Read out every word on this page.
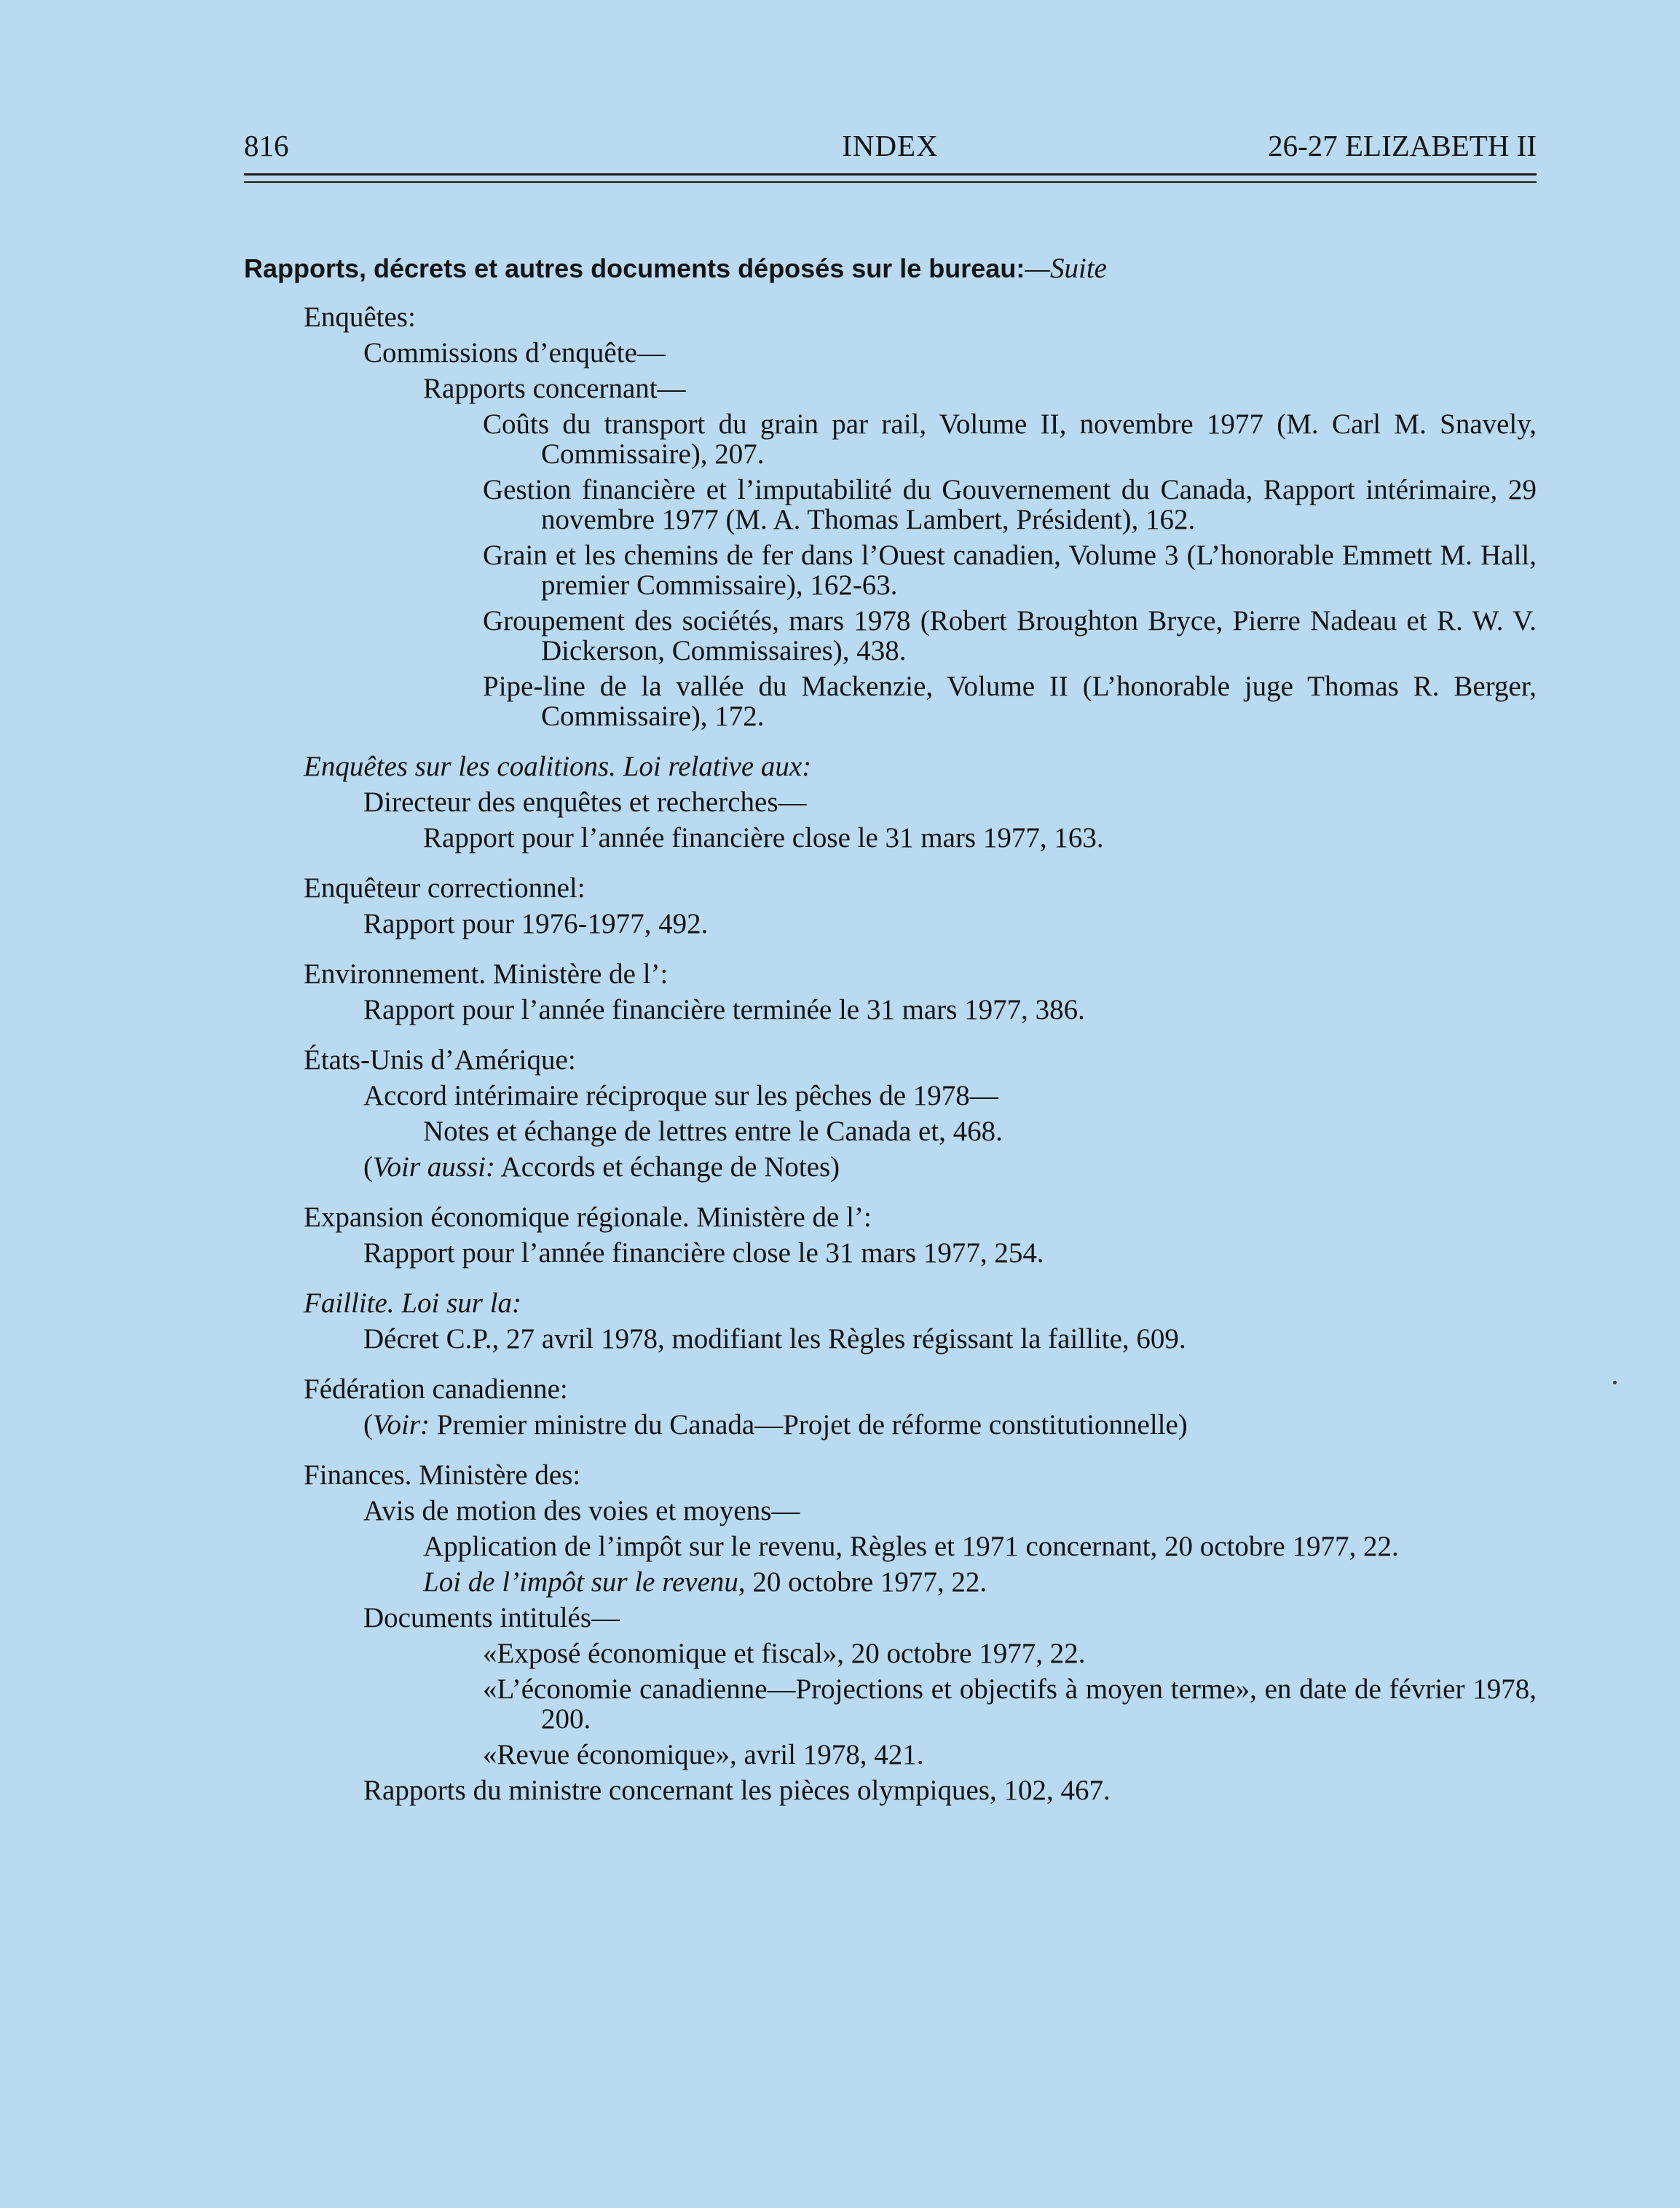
816	INDEX	26-27 ELIZABETH II
Rapports, décrets et autres documents déposés sur le bureau:—Suite
Enquêtes:
Commissions d’enquête—
Rapports concernant—
Coûts du transport du grain par rail, Volume II, novembre 1977 (M. Carl M. Snavely, Commissaire), 207.
Gestion financière et l’imputabilité du Gouvernement du Canada, Rapport intérimaire, 29 novembre 1977 (M. A. Thomas Lambert, Président), 162.
Grain et les chemins de fer dans l’Ouest canadien, Volume 3 (L’honorable Emmett M. Hall, premier Commissaire), 162-63.
Groupement des sociétés, mars 1978 (Robert Broughton Bryce, Pierre Nadeau et R. W. V. Dickerson, Commissaires), 438.
Pipe-line de la vallée du Mackenzie, Volume II (L’honorable juge Thomas R. Berger, Commissaire), 172.
Enquêtes sur les coalitions. Loi relative aux:
Directeur des enquêtes et recherches—
Rapport pour l’année financière close le 31 mars 1977, 163.
Enquêteur correctionnel:
Rapport pour 1976-1977, 492.
Environnement. Ministère de l’:
Rapport pour l’année financière terminée le 31 mars 1977, 386.
États-Unis d’Amérique:
Accord intérimaire réciproque sur les pêches de 1978—
Notes et échange de lettres entre le Canada et, 468.
(Voir aussi: Accords et échange de Notes)
Expansion économique régionale. Ministère de l’:
Rapport pour l’année financière close le 31 mars 1977, 254.
Faillite. Loi sur la:
Décret C.P., 27 avril 1978, modifiant les Règles régissant la faillite, 609.
Fédération canadienne:
(Voir: Premier ministre du Canada—Projet de réforme constitutionnelle)
Finances. Ministère des:
Avis de motion des voies et moyens—
Application de l’impôt sur le revenu, Règles et 1971 concernant, 20 octobre 1977, 22.
Loi de l’impôt sur le revenu, 20 octobre 1977, 22.
Documents intitulés—
«Exposé économique et fiscal», 20 octobre 1977, 22.
«L’économie canadienne—Projections et objectifs à moyen terme», en date de février 1978, 200.
«Revue économique», avril 1978, 421.
Rapports du ministre concernant les pièces olympiques, 102, 467.
